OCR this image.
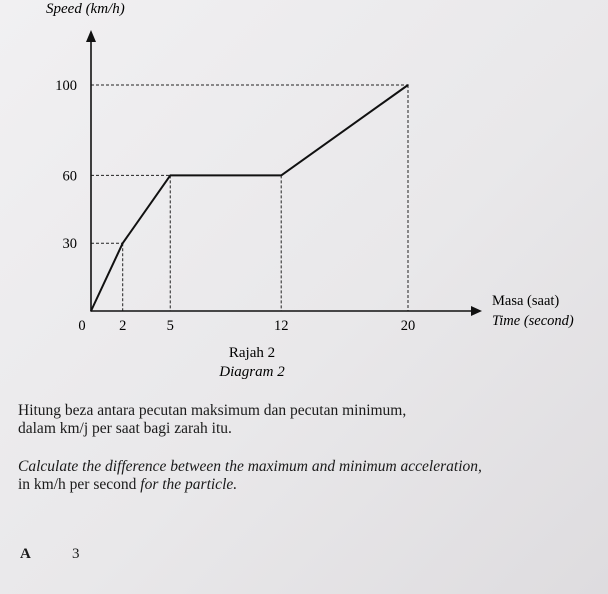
2	5	12	20
30
60
100
0
Speed (km/h)
Masa (saat)
Time (second)
Rajah 2
Diagram 2
Hitung beza antara pecutan maksimum dan pecutan minimum,
dalam km/j per saat bagi zarah itu.
Calculate the difference between the maximum and minimum acceleration,
in km/h per second for the particle.
A	3
